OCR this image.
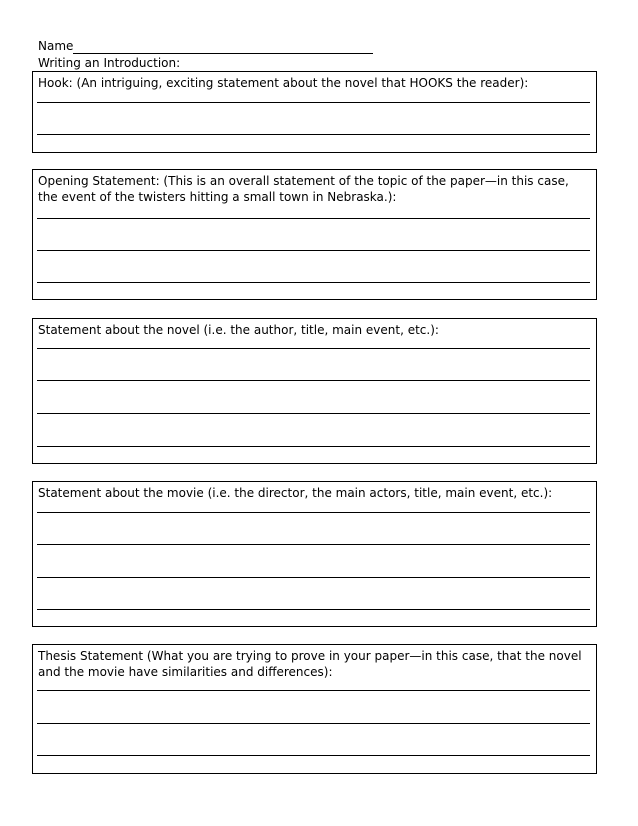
Name
Writing an Introduction:
Hook: (An intriguing, exciting statement about the novel that HOOKS the reader):
Opening Statement: (This is an overall statement of the topic of the paper—in this case, the event of the twisters hitting a small town in Nebraska.):
Statement about the novel (i.e. the author, title, main event, etc.):
Statement about the movie (i.e. the director, the main actors, title, main event, etc.):
Thesis Statement (What you are trying to prove in your paper—in this case, that the novel and the movie have similarities and differences):
